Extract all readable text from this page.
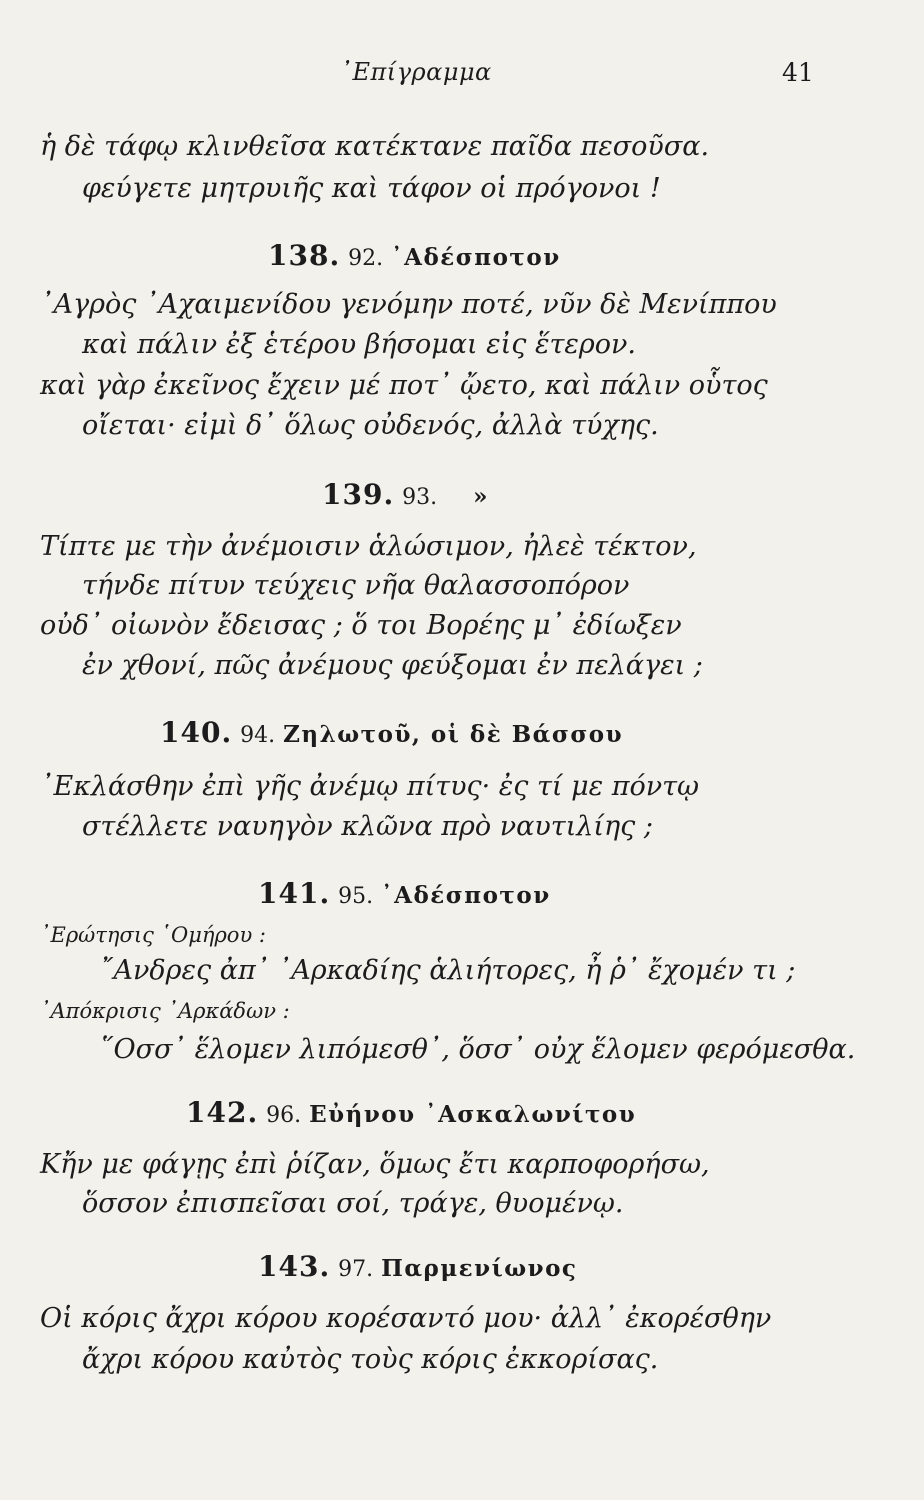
᾿Επίγραμμα	41
ἡ δὲ τάφῳ κλινθεῖσα κατέκτανε παῖδα πεσοῦσα.
φεύγετε μητρυιῆς καὶ τάφον οἱ πρόγονοι !
138. 92. ᾿Αδέσποτον
᾿Αγρὸς ᾿Αχαιμενίδου γενόμην ποτέ, νῦν δὲ Μενίππου
καὶ πάλιν ἐξ ἑτέρου βήσομαι εἰς ἕτερον.
καὶ γὰρ ἐκεῖνος ἔχειν μέ ποτ᾿ ᾤετο, καὶ πάλιν οὗτος
οἴεται· εἰμὶ δ᾿ ὅλως οὐδενός, ἀλλὰ τύχης.
139. 93. »
Τίπτε με τὴν ἀνέμοισιν ἁλώσιμον, ἠλεὲ τέκτον,
τήνδε πίτυν τεύχεις νῆα θαλασσοπόρον
οὐδ᾿ οἰωνὸν ἔδεισας ; ὅ τοι Βορέης μ᾿ ἐδίωξεν
ἐν χθονί, πῶς ἀνέμους φεύξομαι ἐν πελάγει ;
140. 94. Ζηλωτοῦ, οἱ δὲ Βάσσου
᾿Εκλάσθην ἐπὶ γῆς ἀνέμῳ πίτυς· ἐς τί με πόντῳ
στέλλετε ναυηγὸν κλῶνα πρὸ ναυτιλίης ;
141. 95. ᾿Αδέσποτον
᾿Ερώτησις ῾Ομήρου :
῎Ανδρες ἀπ᾿ ᾿Αρκαδίης ἁλιήτορες, ἦ ῥ᾿ ἔχομέν τι ;
᾿Απόκρισις ᾿Αρκάδων :
῞Οσσ᾿ ἕλομεν λιπόμεσθ᾿, ὅσσ᾿ οὐχ ἕλομεν φερόμεσθα.
142. 96. Εὐήνου ᾿Ασκαλωνίτου
Κἤν με φάγῃς ἐπὶ ῥίζαν, ὅμως ἔτι καρποφορήσω,
ὅσσον ἐπισπεῖσαι σοί, τράγε, θυομένῳ.
143. 97. Παρμενίωνος
Οἱ κόρις ἄχρι κόρου κορέσαντό μου· ἀλλ᾿ ἐκορέσθην
ἄχρι κόρου καὐτὸς τοὺς κόρις ἐκκορίσας.
